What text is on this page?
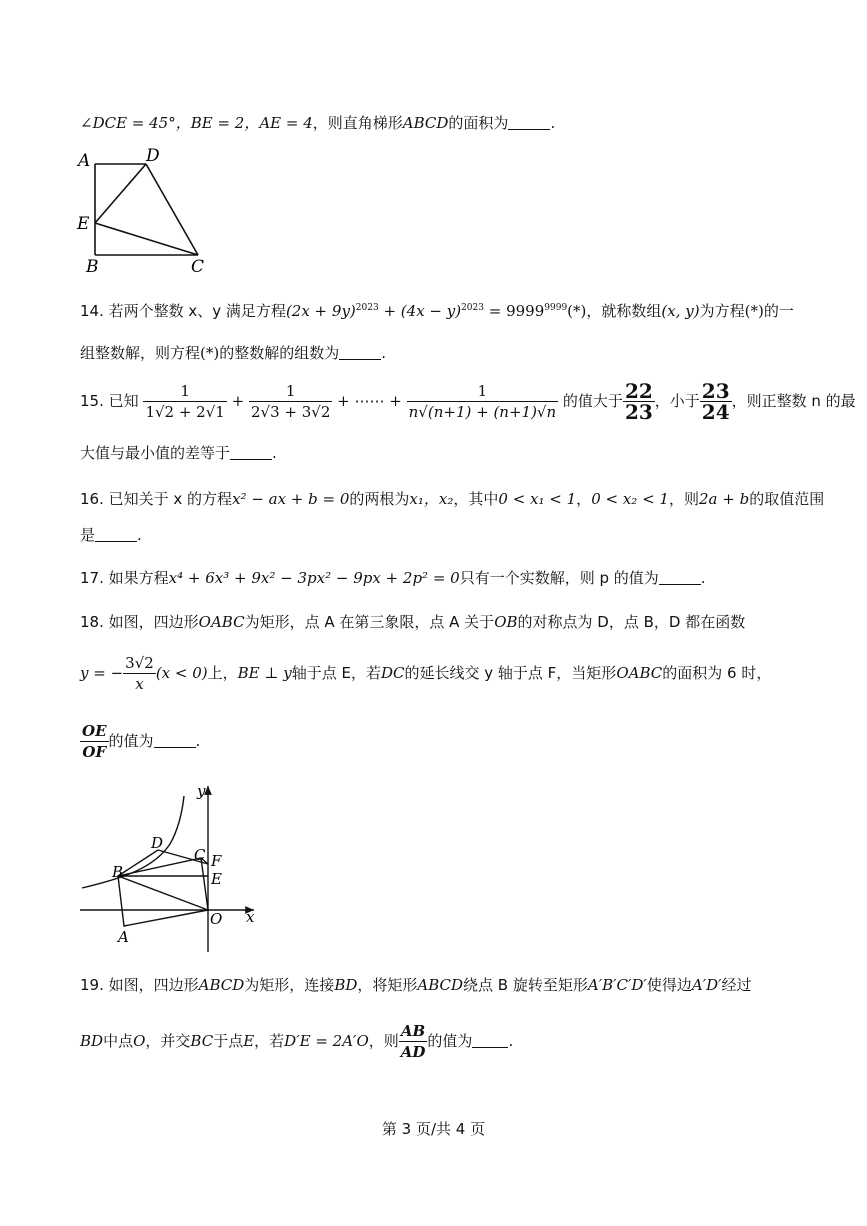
∠DCE = 45°，BE = 2，AE = 4，则直角梯形ABCD的面积为	.
A	D
E
B	C
14. 若两个整数 x、y 满足方程$(2x + 9y)^{2023} + (4x - y)^{2023} = 9999^{9999}(*)$，就称数组(x, y)为方程(*)的一
组整数解，则方程(*)的整数解的组数为	.
15. 已知 $\frac{1}{1√2 + 2√1} + \frac{1}{2√3 + 3√2}$ + ⋯⋯ + $\frac{1}{n√(n+1) + (n+1)√n}$ 的值大于 $\frac{22}{23}$ ，小于 $\frac{23}{24}$ ，则正整数 n 的最
大值与最小值的差等于	.
16. 已知关于 x 的方程x² − ax + b = 0的两根为x₁，x₂，其中0 < x₁ < 1，0 < x₂ < 1，则2a + b的取值范围
是	.
17. 如果方程x⁴ + 6x³ + 9x² − 3px² − 9px + 2p² = 0只有一个实数解，则 p 的值为	.
18. 如图，四边形OABC为矩形，点 A 在第三象限，点 A 关于OB的对称点为 D，点 B，D 都在函数
y = − $\frac{3√2}{x} (x < 0)$上，BE ⊥ y轴于点 E，若DC的延长线交 y 轴于点 F，当矩形OABC的面积为 6 时，
$\frac{OE}{OF}$ 的值为	.
y
x
O
A
B
D
C F
E
19. 如图，四边形ABCD为矩形，连接BD，将矩形ABCD绕点 B 旋转至矩形A′B′C′D′使得边A′D′经过
BD中点O，并交BC于点E，若D′E = 2A′O，则 $\frac{AB}{AD}$ 的值为 .
第 3 页/共 4 页
